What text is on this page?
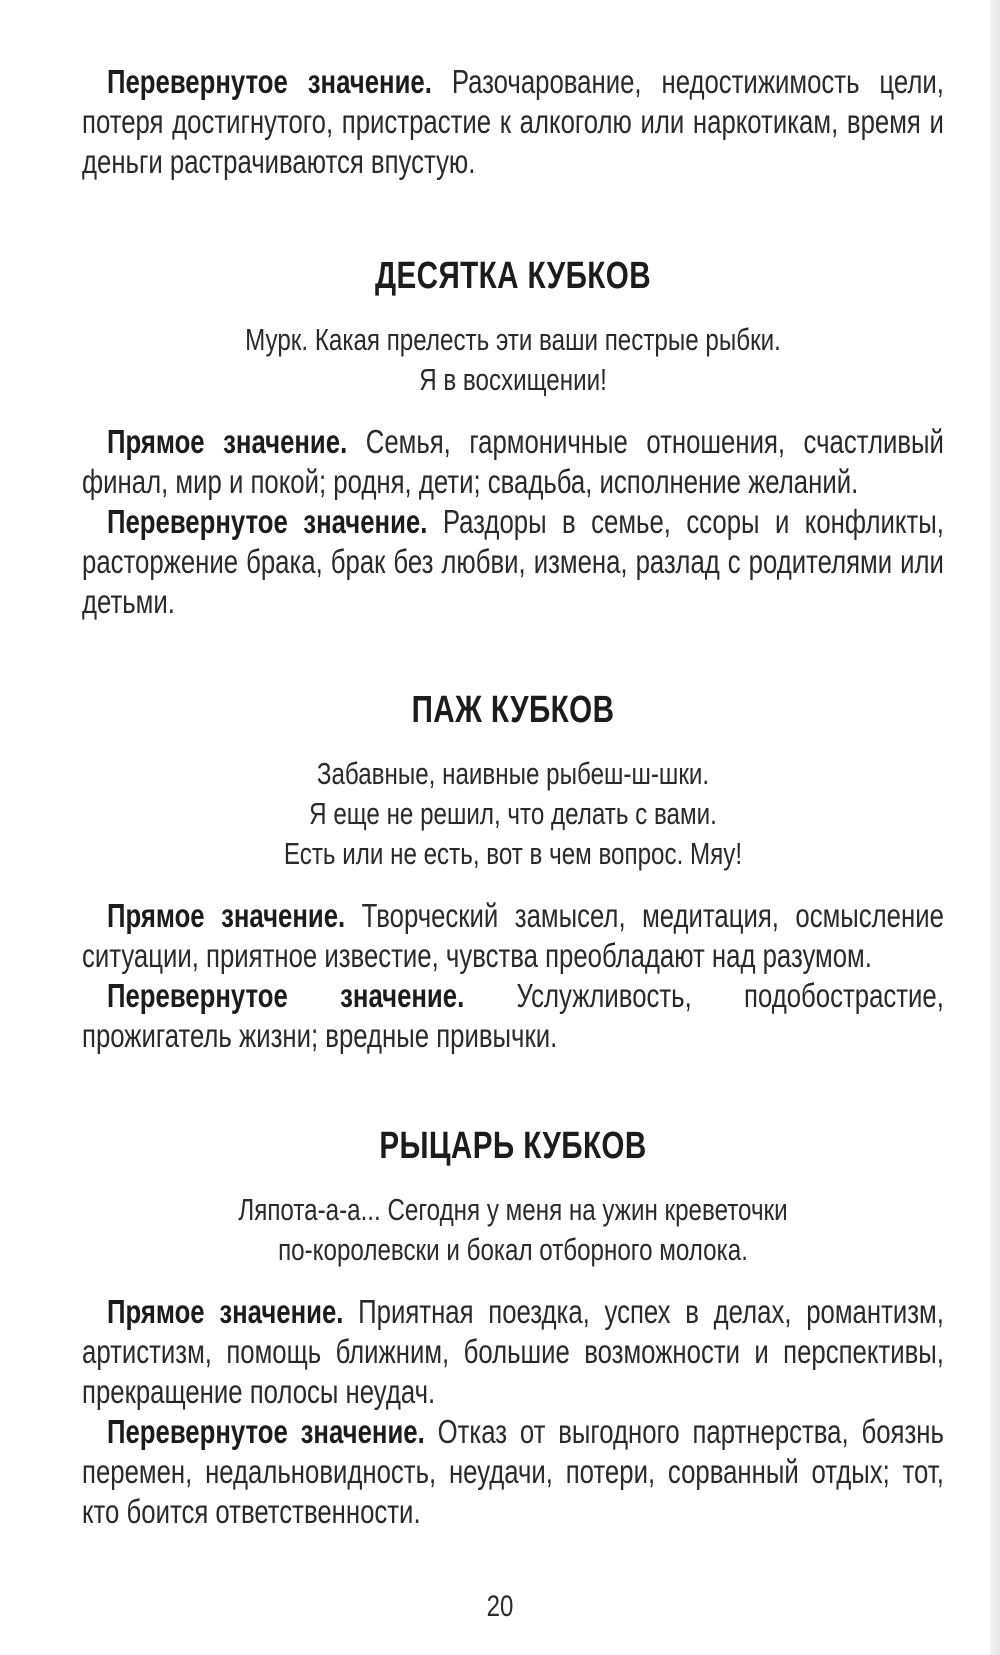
Перевернутое значение. Разочарование, недостижимость цели, потеря достигнутого, пристрастие к алкоголю или наркотикам, время и деньги растрачиваются впустую.

ДЕСЯТКА КУБКОВ
Мурк. Какая прелесть эти ваши пестрые рыбки.
Я в восхищении!

Прямое значение. Семья, гармоничные отношения, счастливый финал, мир и покой; родня, дети; свадьба, исполнение желаний.

Перевернутое значение. Раздоры в семье, ссоры и конфликты, расторжение брака, брак без любви, измена, разлад с родителями или детьми.

ПАЖ КУБКОВ
Забавные, наивные рыбеш-ш-шки.
Я еще не решил, что делать с вами.
Есть или не есть, вот в чем вопрос. Мяу!

Прямое значение. Творческий замысел, медитация, осмысление ситуации, приятное известие, чувства преобладают над разумом.

Перевернутое значение. Услужливость, подобострастие, прожигатель жизни; вредные привычки.

РЫЦАРЬ КУБКОВ
Ляпота-а-а... Сегодня у меня на ужин креветочки
по-королевски и бокал отборного молока.

Прямое значение. Приятная поездка, успех в делах, романтизм, артистизм, помощь ближним, большие возможности и перспективы, прекращение полосы неудач.

Перевернутое значение. Отказ от выгодного партнерства, боязнь перемен, недальновидность, неудачи, потери, сорванный отдых; тот, кто боится ответственности.

20
